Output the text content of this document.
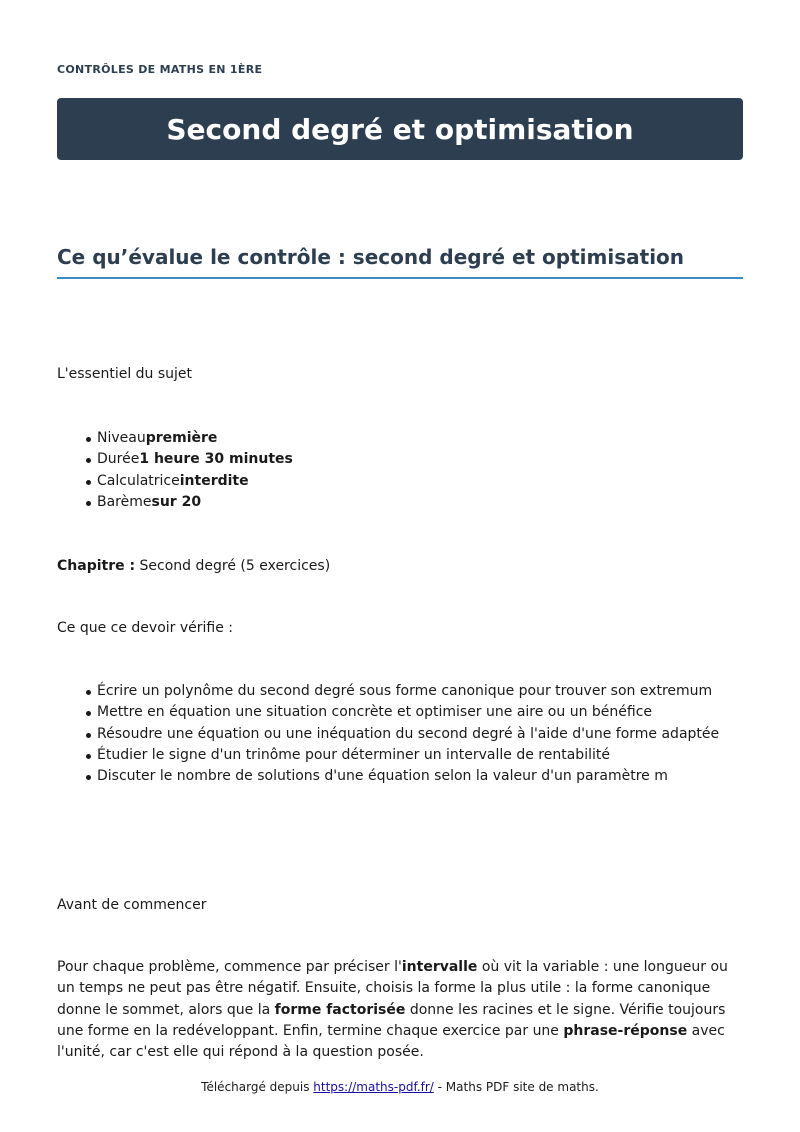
CONTRÔLES DE MATHS EN 1ÈRE
Second degré et optimisation
Ce qu’évalue le contrôle : second degré et optimisation

L'essentiel du sujet

Niveaupremière
Durée1 heure 30 minutes
Calculatriceinterdite
Barèmesur 20

Chapitre : Second degré (5 exercices)

Ce que ce devoir vérifie :

Écrire un polynôme du second degré sous forme canonique pour trouver son extremum
Mettre en équation une situation concrète et optimiser une aire ou un bénéfice
Résoudre une équation ou une inéquation du second degré à l'aide d'une forme adaptée
Étudier le signe d'un trinôme pour déterminer un intervalle de rentabilité
Discuter le nombre de solutions d'une équation selon la valeur d'un paramètre m

Avant de commencer

Pour chaque problème, commence par préciser l'intervalle où vit la variable : une longueur ou un temps ne peut pas être négatif. Ensuite, choisis la forme la plus utile : la forme canonique donne le sommet, alors que la forme factorisée donne les racines et le signe. Vérifie toujours une forme en la redéveloppant. Enfin, termine chaque exercice par une phrase-réponse avec l'unité, car c'est elle qui répond à la question posée.

Téléchargé depuis https://maths-pdf.fr/ - Maths PDF site de maths.
